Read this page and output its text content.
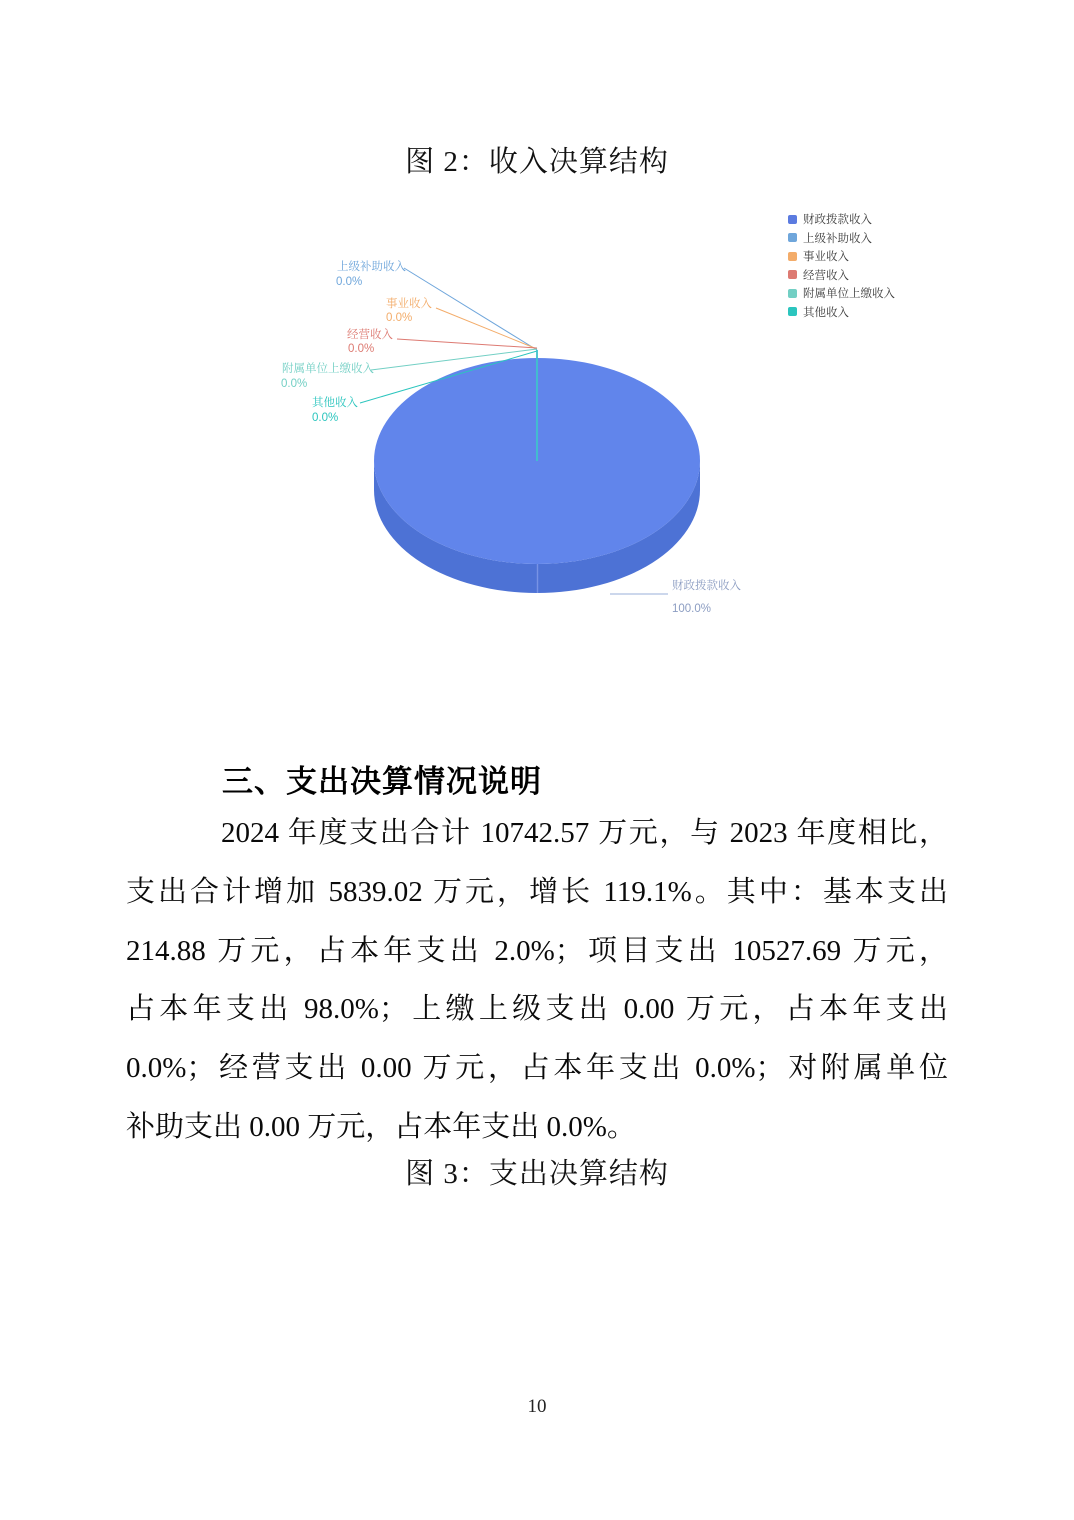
图 2：收入决算结构
上级补助收入
0.0%
事业收入
0.0%
经营收入
0.0%
附属单位上缴收入
0.0%
其他收入
0.0%
财政拨款收入
100.0%
财政拨款收入
上级补助收入
事业收入
经营收入
附属单位上缴收入
其他收入
三、支出决算情况说明
2024 年度支出合计 10742.57 万元，与 2023 年度相比，
支出合计增加 5839.02 万元，增长 119.1%。其中：基本支出
214.88 万元，占本年支出 2.0%；项目支出 10527.69 万元，
占本年支出 98.0%；上缴上级支出 0.00 万元，占本年支出
0.0%；经营支出 0.00 万元，占本年支出 0.0%；对附属单位
补助支出 0.00 万元，占本年支出 0.0%。
图 3：支出决算结构
10
